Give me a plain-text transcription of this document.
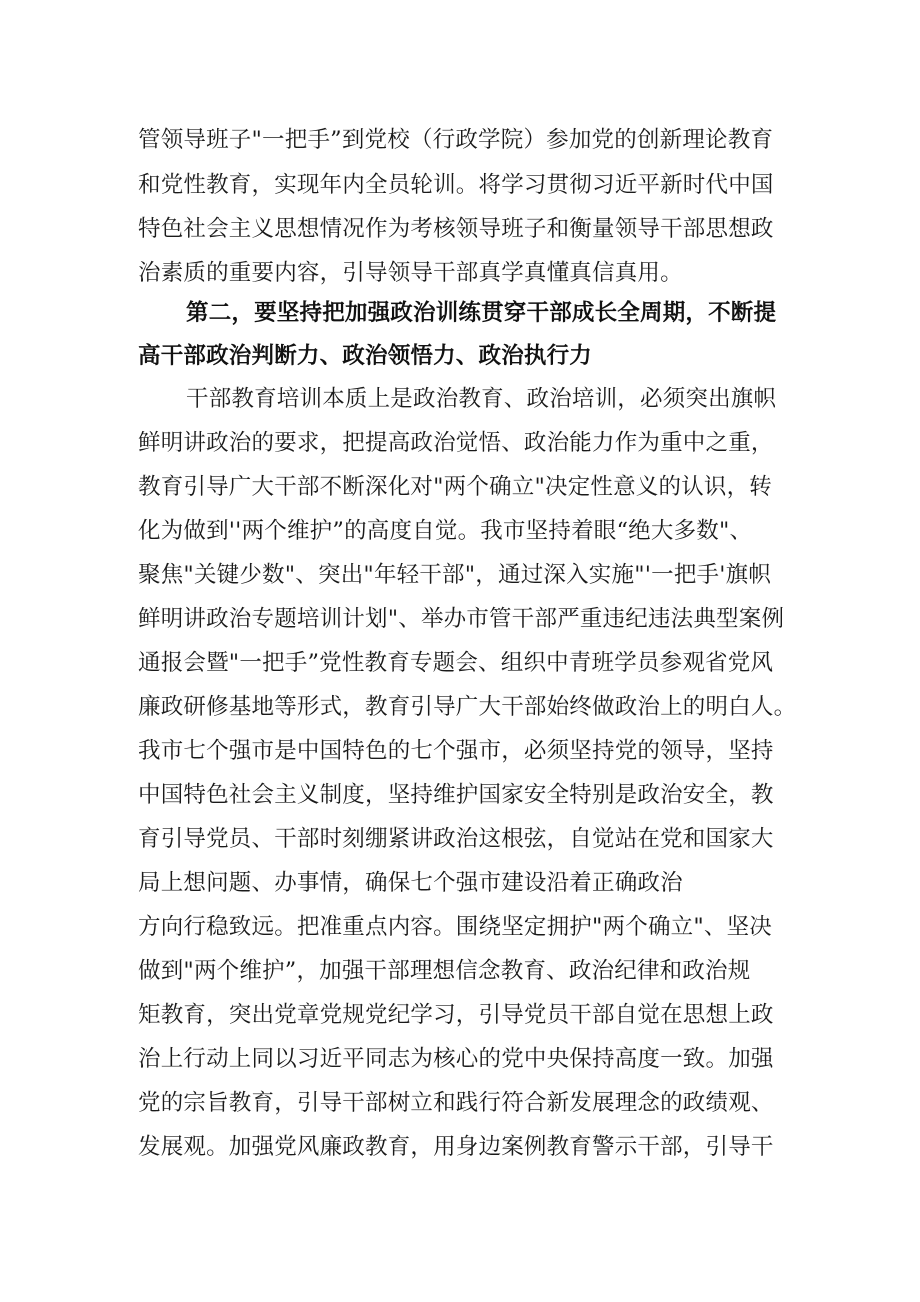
管领导班子"一把手”到党校（行政学院）参加党的创新理论教育
和党性教育，实现年内全员轮训。将学习贯彻习近平新时代中国
特色社会主义思想情况作为考核领导班子和衡量领导干部思想政
治素质的重要内容，引导领导干部真学真懂真信真用。
第二，要坚持把加强政治训练贯穿干部成长全周期，不断提
高干部政治判断力、政治领悟力、政治执行力
干部教育培训本质上是政治教育、政治培训，必须突出旗帜
鲜明讲政治的要求，把提高政治觉悟、政治能力作为重中之重，
教育引导广大干部不断深化对"两个确立"决定性意义的认识，转
化为做到''两个维护”的高度自觉。我市坚持着眼“绝大多数"、
聚焦"关键少数"、突出"年轻干部"，通过深入实施"'一把手'旗帜
鲜明讲政治专题培训计划"、举办市管干部严重违纪违法典型案例
通报会暨"一把手”党性教育专题会、组织中青班学员参观省党风
廉政研修基地等形式，教育引导广大干部始终做政治上的明白人。
我市七个强市是中国特色的七个强市，必须坚持党的领导，坚持
中国特色社会主义制度，坚持维护国家安全特别是政治安全，教
育引导党员、干部时刻绷紧讲政治这根弦，自觉站在党和国家大
局上想问题、办事情，确保七个强市建设沿着正确政治
方向行稳致远。把准重点内容。围绕坚定拥护"两个确立"、坚决
做到"两个维护”，加强干部理想信念教育、政治纪律和政治规
矩教育，突出党章党规党纪学习，引导党员干部自觉在思想上政
治上行动上同以习近平同志为核心的党中央保持高度一致。加强
党的宗旨教育，引导干部树立和践行符合新发展理念的政绩观、
发展观。加强党风廉政教育，用身边案例教育警示干部，引导干
